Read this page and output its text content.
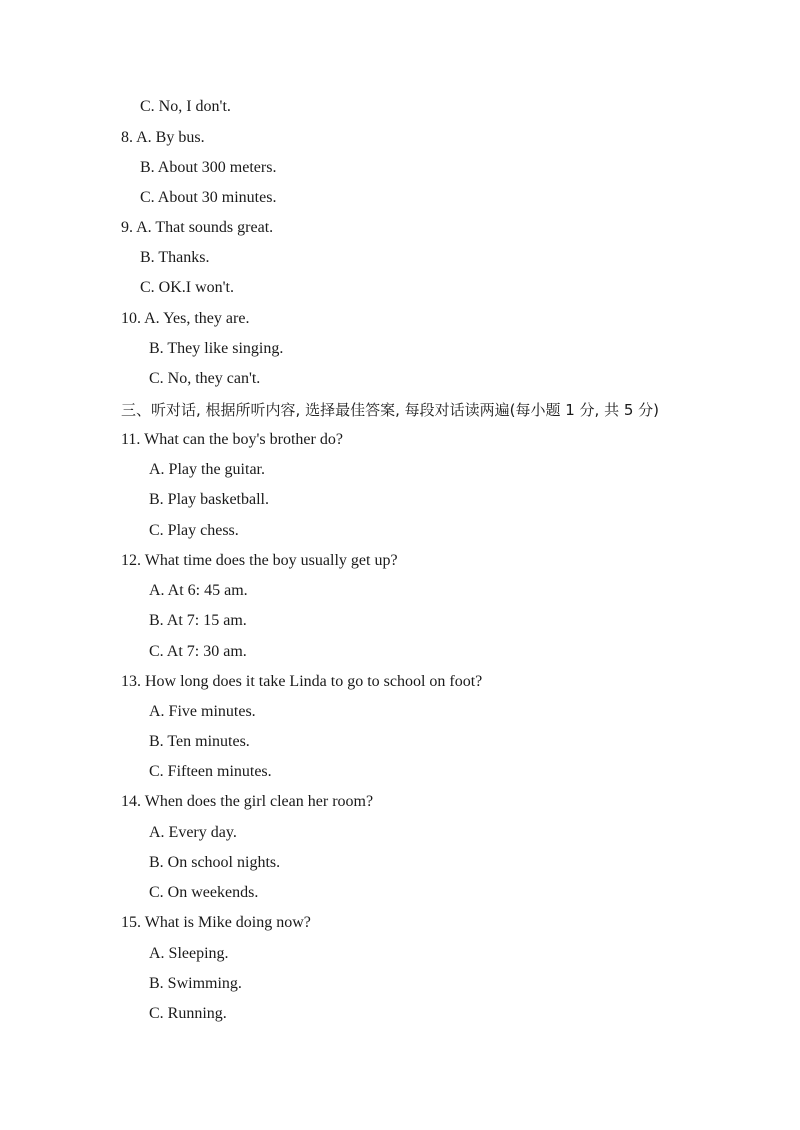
C. No, I don't.
8. A. By bus.
B. About 300 meters.
C. About 30 minutes.
9. A. That sounds great.
B. Thanks.
C. OK.I won't.
10. A. Yes, they are.
B. They like singing.
C. No, they can't.
三、听对话, 根据所听内容, 选择最佳答案, 每段对话读两遍(每小题 1 分, 共 5 分)
11. What can the boy's brother do?
A. Play the guitar.
B. Play basketball.
C. Play chess.
12. What time does the boy usually get up?
A. At 6: 45 am.
B. At 7: 15 am.
C. At 7: 30 am.
13. How long does it take Linda to go to school on foot?
A. Five minutes.
B. Ten minutes.
C. Fifteen minutes.
14. When does the girl clean her room?
A. Every day.
B. On school nights.
C. On weekends.
15. What is Mike doing now?
A. Sleeping.
B. Swimming.
C. Running.
